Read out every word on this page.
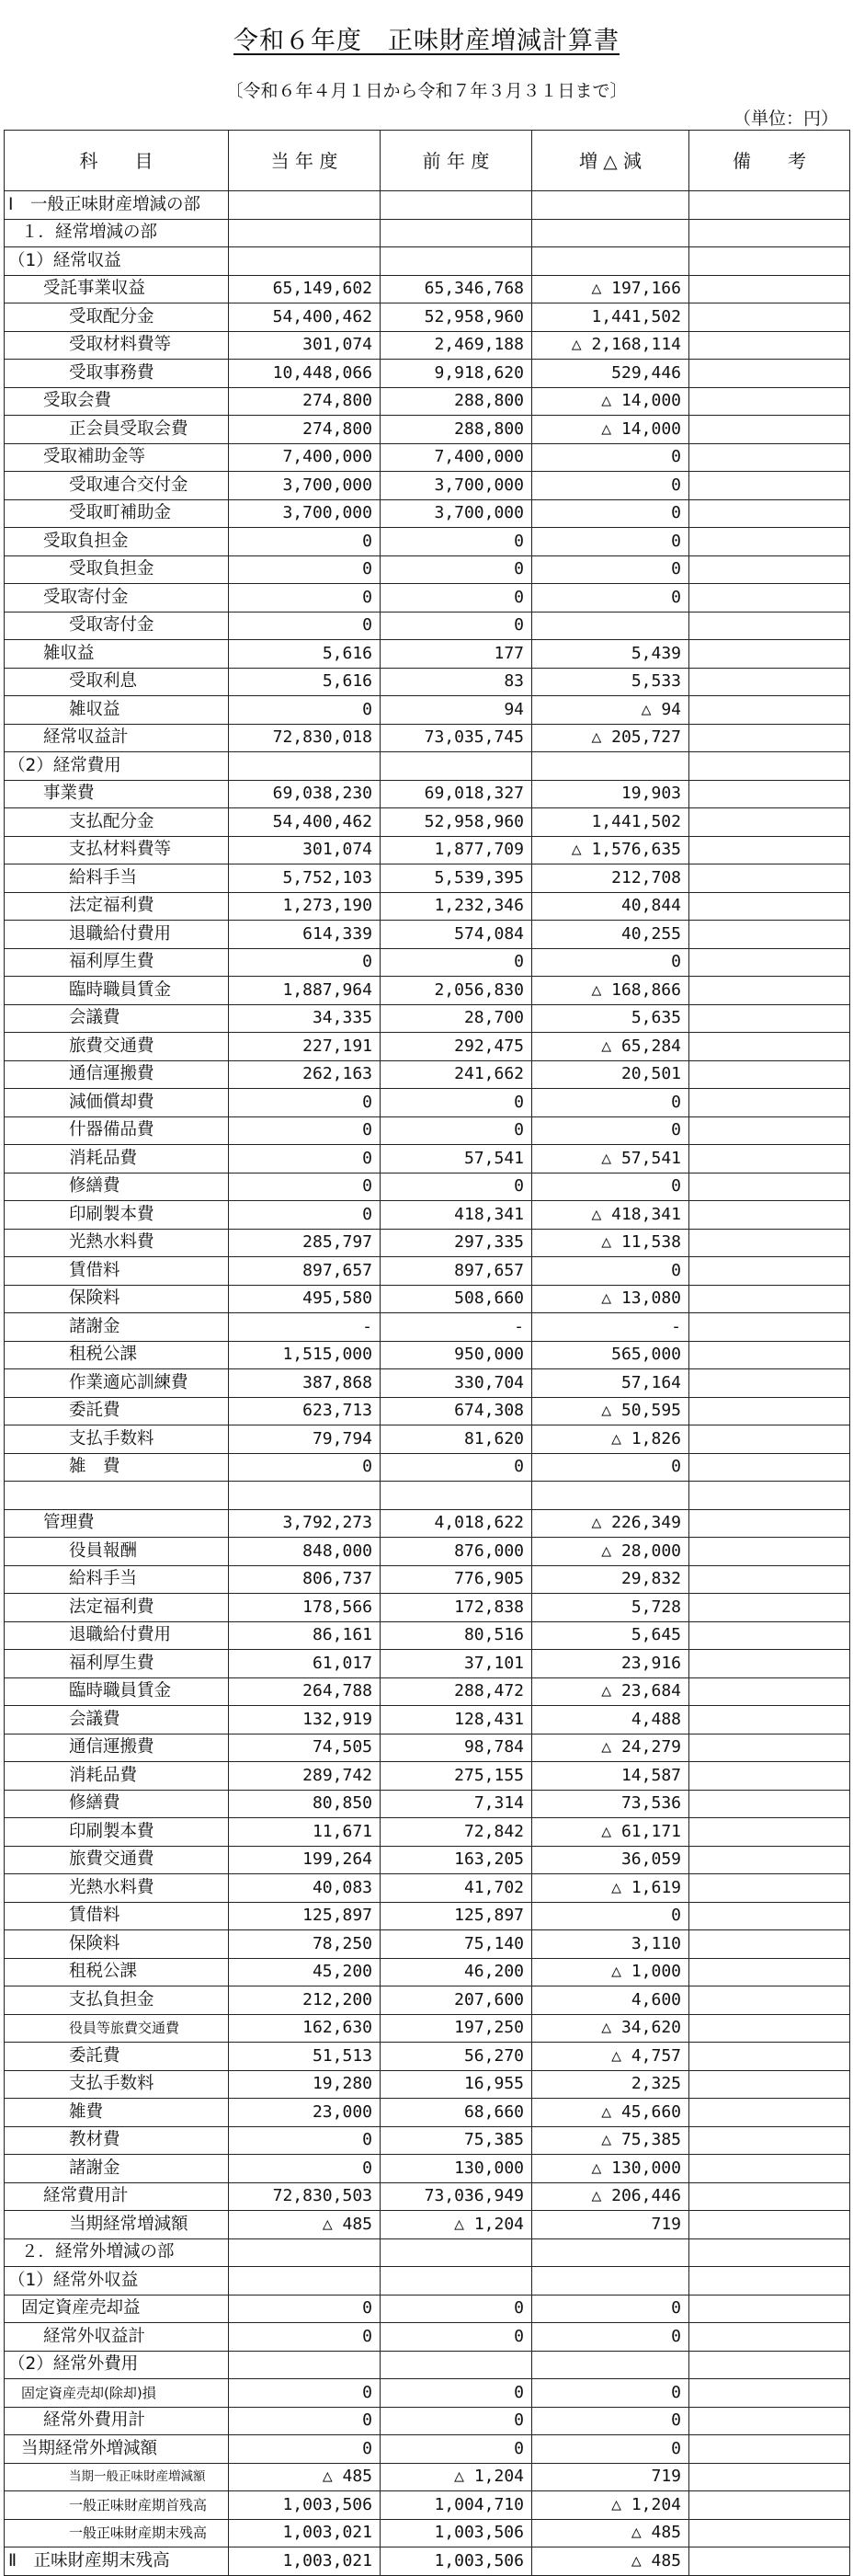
令和６年度　正味財産増減計算書
〔令和６年４月１日から令和７年３月３１日まで〕
（単位：円）
科　　目	当 年 度	前 年 度	増 △ 減	備　　考
Ⅰ　一般正味財産増減の部				
１．経常増減の部				
（1）経常収益				
受託事業収益	65,149,602	65,346,768	△ 197,166	
受取配分金	54,400,462	52,958,960	1,441,502	
受取材料費等	301,074	2,469,188	△ 2,168,114	
受取事務費	10,448,066	9,918,620	529,446	
受取会費	274,800	288,800	△ 14,000	
正会員受取会費	274,800	288,800	△ 14,000	
受取補助金等	7,400,000	7,400,000	0	
受取連合交付金	3,700,000	3,700,000	0	
受取町補助金	3,700,000	3,700,000	0	
受取負担金	0	0	0	
受取負担金	0	0	0	
受取寄付金	0	0	0	
受取寄付金	0	0		
雑収益	5,616	177	5,439	
受取利息	5,616	83	5,533	
雑収益	0	94	△ 94	
経常収益計	72,830,018	73,035,745	△ 205,727	
（2）経常費用				
事業費	69,038,230	69,018,327	19,903	
支払配分金	54,400,462	52,958,960	1,441,502	
支払材料費等	301,074	1,877,709	△ 1,576,635	
給料手当	5,752,103	5,539,395	212,708	
法定福利費	1,273,190	1,232,346	40,844	
退職給付費用	614,339	574,084	40,255	
福利厚生費	0	0	0	
臨時職員賃金	1,887,964	2,056,830	△ 168,866	
会議費	34,335	28,700	5,635	
旅費交通費	227,191	292,475	△ 65,284	
通信運搬費	262,163	241,662	20,501	
減価償却費	0	0	0	
什器備品費	0	0	0	
消耗品費	0	57,541	△ 57,541	
修繕費	0	0	0	
印刷製本費	0	418,341	△ 418,341	
光熱水料費	285,797	297,335	△ 11,538	
賃借料	897,657	897,657	0	
保険料	495,580	508,660	△ 13,080	
諸謝金	-	-	-	
租税公課	1,515,000	950,000	565,000	
作業適応訓練費	387,868	330,704	57,164	
委託費	623,713	674,308	△ 50,595	
支払手数料	79,794	81,620	△ 1,826	
雑　費	0	0	0	

管理費	3,792,273	4,018,622	△ 226,349	
役員報酬	848,000	876,000	△ 28,000	
給料手当	806,737	776,905	29,832	
法定福利費	178,566	172,838	5,728	
退職給付費用	86,161	80,516	5,645	
福利厚生費	61,017	37,101	23,916	
臨時職員賃金	264,788	288,472	△ 23,684	
会議費	132,919	128,431	4,488	
通信運搬費	74,505	98,784	△ 24,279	
消耗品費	289,742	275,155	14,587	
修繕費	80,850	7,314	73,536	
印刷製本費	11,671	72,842	△ 61,171	
旅費交通費	199,264	163,205	36,059	
光熱水料費	40,083	41,702	△ 1,619	
賃借料	125,897	125,897	0	
保険料	78,250	75,140	3,110	
租税公課	45,200	46,200	△ 1,000	
支払負担金	212,200	207,600	4,600	
役員等旅費交通費	162,630	197,250	△ 34,620	
委託費	51,513	56,270	△ 4,757	
支払手数料	19,280	16,955	2,325	
雑費	23,000	68,660	△ 45,660	
教材費	0	75,385	△ 75,385	
諸謝金	0	130,000	△ 130,000	
経常費用計	72,830,503	73,036,949	△ 206,446	
当期経常増減額	△ 485	△ 1,204	719	
２．経常外増減の部				
（1）経常外収益				
固定資産売却益	0	0	0	
経常外収益計	0	0	0	
（2）経常外費用				
固定資産売却(除却)損	0	0	0	
経常外費用計	0	0	0	
当期経常外増減額	0	0	0	
当期一般正味財産増減額	△ 485	△ 1,204	719	
一般正味財産期首残高	1,003,506	1,004,710	△ 1,204	
一般正味財産期末残高	1,003,021	1,003,506	△ 485	
Ⅱ　正味財産期末残高	1,003,021	1,003,506	△ 485	
